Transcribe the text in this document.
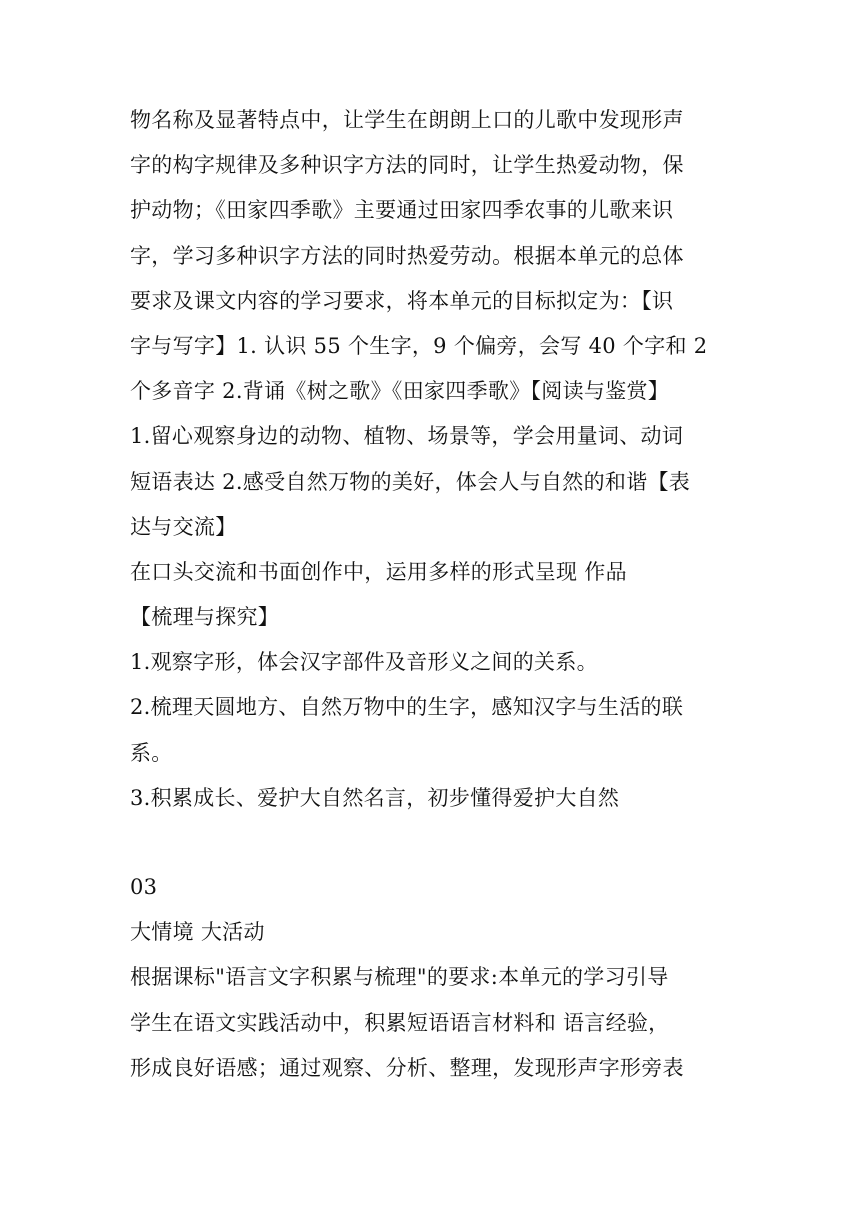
物名称及显著特点中，让学生在朗朗上口的儿歌中发现形声
字的构字规律及多种识字方法的同时，让学生热爱动物，保
护动物；《田家四季歌》主要通过田家四季农事的儿歌来识
字，学习多种识字方法的同时热爱劳动。根据本单元的总体
要求及课文内容的学习要求，将本单元的目标拟定为：【识
字与写字】1. 认识 55 个生字，9 个偏旁，会写 40 个字和 2
个多音字 2.背诵《树之歌》《田家四季歌》【阅读与鉴赏】
1.留心观察身边的动物、植物、场景等，学会用量词、动词
短语表达 2.感受自然万物的美好，体会人与自然的和谐【表
达与交流】
在口头交流和书面创作中，运用多样的形式呈现 作品
【梳理与探究】
1.观察字形，体会汉字部件及音形义之间的关系。
2.梳理天圆地方、自然万物中的生字，感知汉字与生活的联
系。
3.积累成长、爱护大自然名言，初步懂得爱护大自然
03
大情境 大活动
根据课标"语言文字积累与梳理"的要求:本单元的学习引导
学生在语文实践活动中，积累短语语言材料和 语言经验，
形成良好语感；通过观察、分析、整理，发现形声字形旁表
